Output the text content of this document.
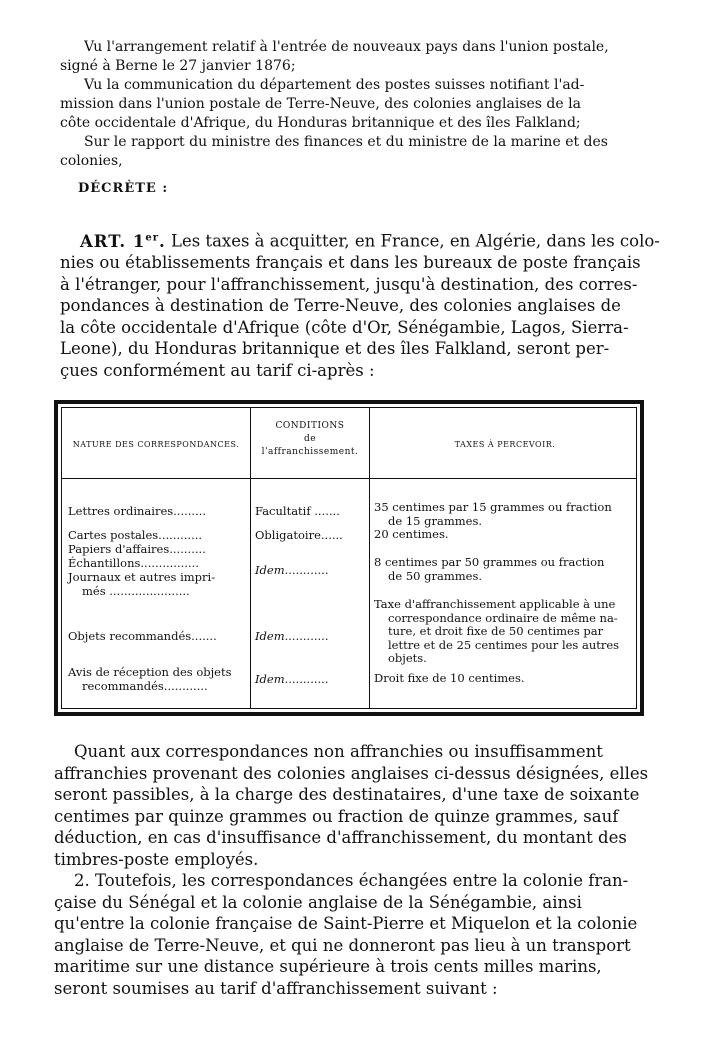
Vu l'arrangement relatif à l'entrée de nouveaux pays dans l'union postale,
signé à Berne le 27 janvier 1876;
Vu la communication du département des postes suisses notifiant l'ad-
mission dans l'union postale de Terre-Neuve, des colonies anglaises de la
côte occidentale d'Afrique, du Honduras britannique et des îles Falkland;
Sur le rapport du ministre des finances et du ministre de la marine et des
colonies,
DÉCRÈTE :
ART. 1er. Les taxes à acquitter, en France, en Algérie, dans les colo-
nies ou établissements français et dans les bureaux de poste français
à l'étranger, pour l'affranchissement, jusqu'à destination, des corres-
pondances à destination de Terre-Neuve, des colonies anglaises de
la côte occidentale d'Afrique (côte d'Or, Sénégambie, Lagos, Sierra-
Leone), du Honduras britannique et des îles Falkland, seront per-
çues conformément au tarif ci-après :
NATURE DES CORRESPONDANCES.
CONDITIONS
de
l'affranchissement.
TAXES À PERCEVOIR.
Lettres ordinaires.........
Cartes postales............
Papiers d'affaires..........
Échantillons................
Journaux et autres impri-
més ......................
Objets recommandés.......
Avis de réception des objets
recommandés............
Facultatif .......
Obligatoire......
Idem............
Idem............
Idem............
35 centimes par 15 grammes ou fraction
de 15 grammes.
20 centimes.
8 centimes par 50 grammes ou fraction
de 50 grammes.
Taxe d'affranchissement applicable à une
correspondance ordinaire de même na-
ture, et droit fixe de 50 centimes par
lettre et de 25 centimes pour les autres
objets.
Droit fixe de 10 centimes.
Quant aux correspondances non affranchies ou insuffisamment
affranchies provenant des colonies anglaises ci-dessus désignées, elles
seront passibles, à la charge des destinataires, d'une taxe de soixante
centimes par quinze grammes ou fraction de quinze grammes, sauf
déduction, en cas d'insuffisance d'affranchissement, du montant des
timbres-poste employés.
2. Toutefois, les correspondances échangées entre la colonie fran-
çaise du Sénégal et la colonie anglaise de la Sénégambie, ainsi
qu'entre la colonie française de Saint-Pierre et Miquelon et la colonie
anglaise de Terre-Neuve, et qui ne donneront pas lieu à un transport
maritime sur une distance supérieure à trois cents milles marins,
seront soumises au tarif d'affranchissement suivant :
